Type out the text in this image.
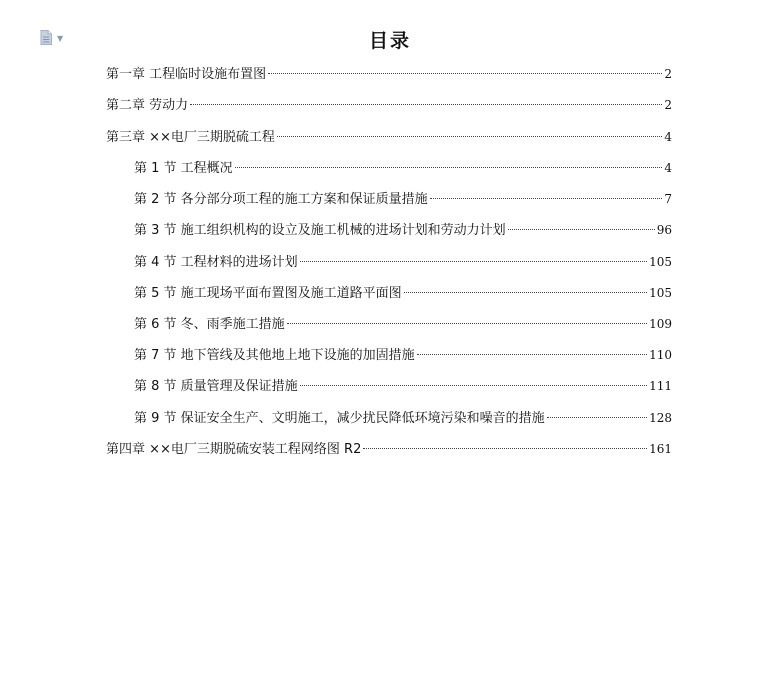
▼	目录
第一章 工程临时设施布置图	2
第二章 劳动力	2
第三章 ××电厂三期脱硫工程	4
第 1 节 工程概况	4
第 2 节 各分部分项工程的施工方案和保证质量措施	7
第 3 节 施工组织机构的设立及施工机械的进场计划和劳动力计划	96
第 4 节 工程材料的进场计划	105
第 5 节 施工现场平面布置图及施工道路平面图	105
第 6 节 冬、雨季施工措施	109
第 7 节 地下管线及其他地上地下设施的加固措施	110
第 8 节 质量管理及保证措施	111
第 9 节 保证安全生产、文明施工，减少扰民降低环境污染和噪音的措施	128
第四章 ××电厂三期脱硫安装工程网络图 R2	161
